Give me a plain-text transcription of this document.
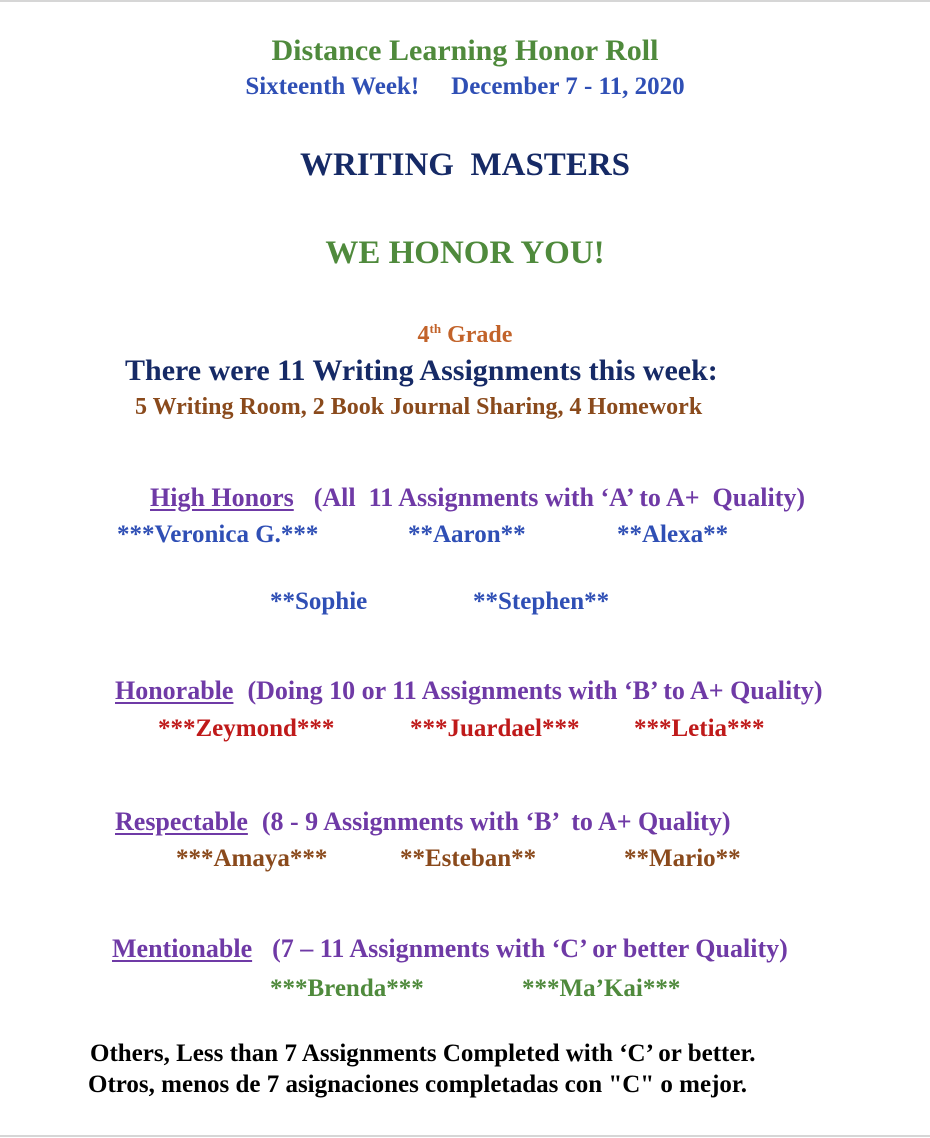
Distance Learning Honor Roll
Sixteenth Week! December 7 - 11, 2020
WRITING  MASTERS
WE HONOR YOU!
4th Grade
There were 11 Writing Assignments this week:
5 Writing Room, 2 Book Journal Sharing, 4 Homework

High Honors (All  11 Assignments with ‘A’ to A+  Quality)

***Veronica G.***	**Aaron**	**Alexa**
**Sophie	**Stephen**

Honorable (Doing 10 or 11 Assignments with ‘B’ to A+ Quality)

***Zeymond***	***Juardael*** ***Letia***

Respectable (8 - 9 Assignments with ‘B’  to A+ Quality)

***Amaya***	**Esteban**	**Mario**

Mentionable (7 – 11 Assignments with ‘C’ or better Quality)

***Brenda***	***Ma’Kai***
Others, Less than 7 Assignments Completed with ‘C’ or better.
Otros, menos de 7 asignaciones completadas con "C" o mejor.
